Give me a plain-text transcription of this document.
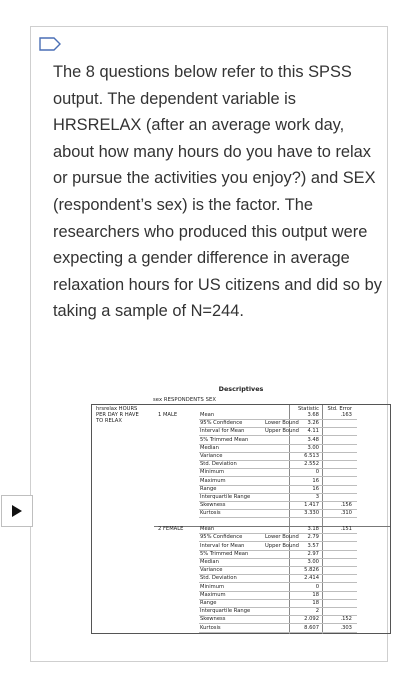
The 8 questions below refer to this SPSS output. The dependent variable is HRSRELAX (after an average work day, about how many hours do you have to relax or pursue the activities you enjoy?) and SEX (respondent’s sex) is the factor. The researchers who produced this output were expecting a gender difference in average relaxation hours for US citizens and did so by taking a sample of N=244.
Descriptives
sex RESPONDENTS SEX
hrsrelax HOURS
PER DAY R HAVE
TO RELAX
Statistic	Std. Error
1 MALE	Mean	3.68	.163
95% Confidence	Lower Bound	3.26
Interval for Mean	Upper Bound	4.11
5% Trimmed Mean	3.48
Median	3.00
Variance	6.513
Std. Deviation	2.552
Minimum	0
Maximum	16
Range	16
Interquartile Range	3
Skewness	1.417	.156
Kurtosis	3.330	.310
2 FEMALE	Mean	3.18	.151
95% Confidence	Lower Bound	2.79
Interval for Mean	Upper Bound	3.57
5% Trimmed Mean	2.97
Median	3.00
Variance	5.826
Std. Deviation	2.414
Minimum	0
Maximum	18
Range	18
Interquartile Range	2
Skewness	2.092	.152
Kurtosis	8.607	.303
